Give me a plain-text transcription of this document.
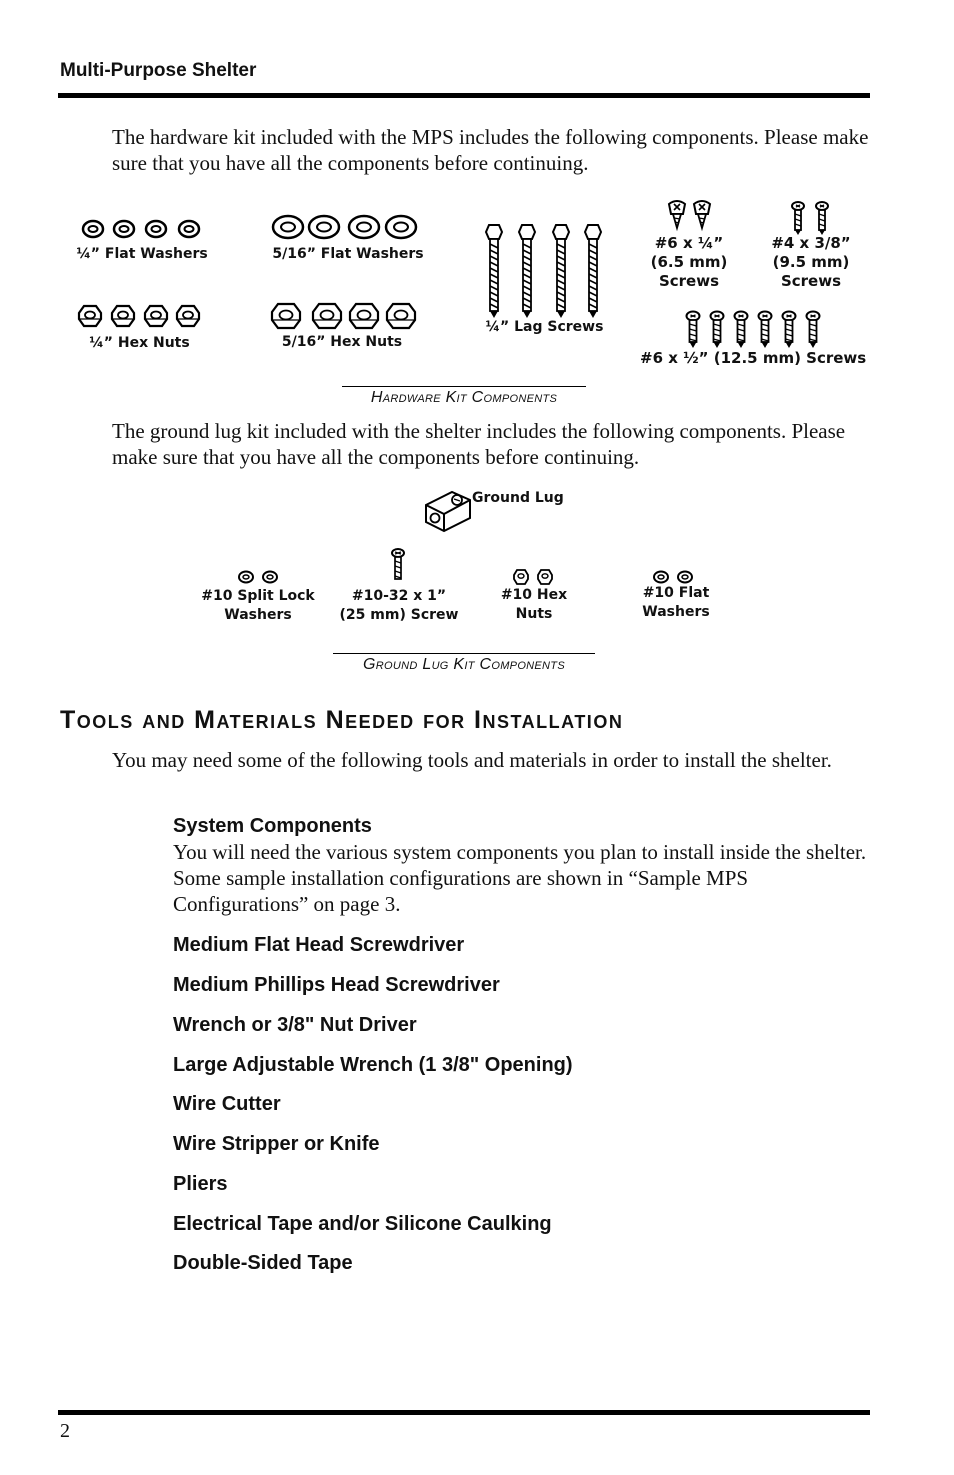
Multi-Purpose Shelter
The hardware kit included with the MPS includes the following components. Please make sure that you have all the components before continuing.
¼” Flat Washers	5/16” Flat Washers
¼” Lag Screws
#6 x ¼”
(6.5 mm)
Screws
#4 x 3/8”
(9.5 mm)
Screws
¼” Hex Nuts	5/16” Hex Nuts
#6 x ½” (12.5 mm) Screws
Hardware Kit Components
The ground lug kit included with the shelter includes the following components. Please make sure that you have all the components before continuing.
Ground Lug
#10 Split Lock
Washers
#10-32 x 1”
(25 mm) Screw
#10 Hex
Nuts
#10 Flat
Washers
Ground Lug Kit Components
Tools and Materials Needed for Installation
You may need some of the following tools and materials in order to install the shelter.
System Components
You will need the various system components you plan to install inside the shelter. Some sample installation configurations are shown in “Sample MPS Configurations” on page 3.
Medium Flat Head Screwdriver
Medium Phillips Head Screwdriver
Wrench or 3/8" Nut Driver
Large Adjustable Wrench (1 3/8" Opening)
Wire Cutter
Wire Stripper or Knife
Pliers
Electrical Tape and/or Silicone Caulking
Double-Sided Tape
2
